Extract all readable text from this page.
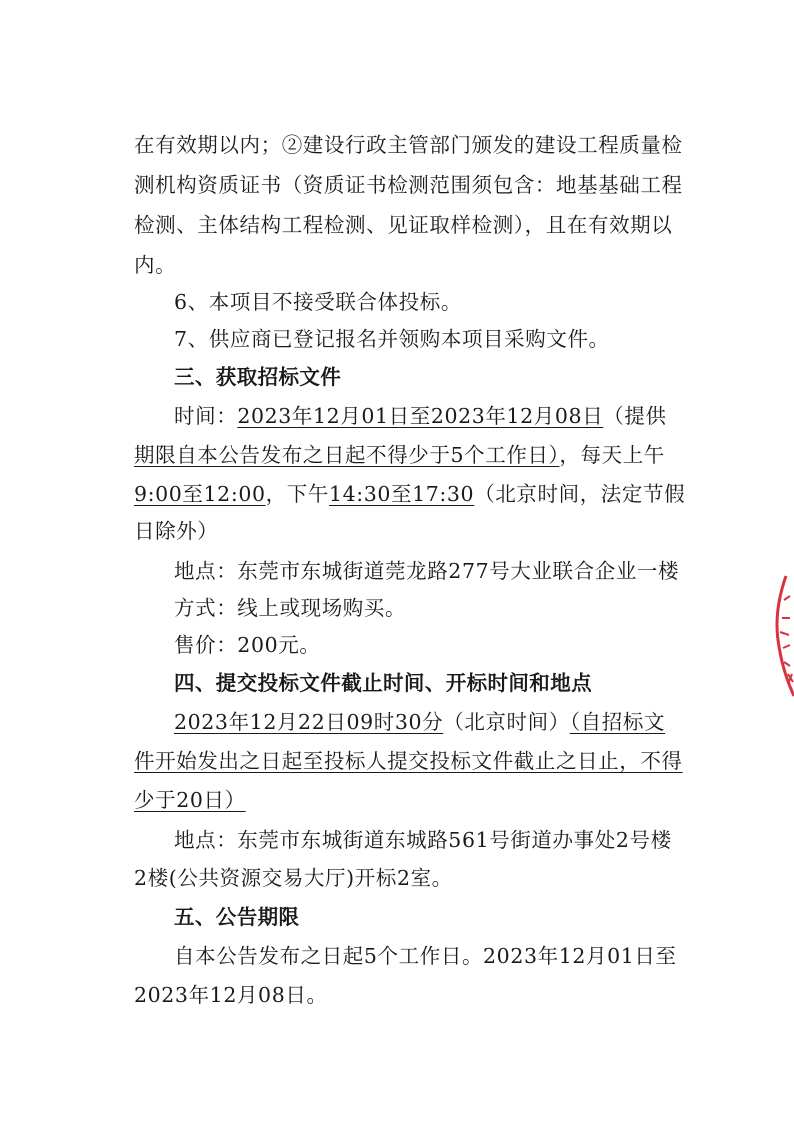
在有效期以内；②建设行政主管部门颁发的建设工程质量检
测机构资质证书（资质证书检测范围须包含：地基基础工程
检测、主体结构工程检测、见证取样检测），且在有效期以
内。
6、本项目不接受联合体投标。
7、供应商已登记报名并领购本项目采购文件。
三、获取招标文件
时间：2023年12月01日至2023年12月08日（提供
期限自本公告发布之日起不得少于5个工作日），每天上午
9:00至12:00，下午14:30至17:30（北京时间，法定节假
日除外）
地点：东莞市东城街道莞龙路277号大业联合企业一楼
方式：线上或现场购买。
售价：200元。
四、提交投标文件截止时间、开标时间和地点
2023年12月22日09时30分（北京时间）（自招标文
件开始发出之日起至投标人提交投标文件截止之日止，不得
少于20日）
地点：东莞市东城街道东城路561号街道办事处2号楼
2楼(公共资源交易大厅)开标2室。
五、公告期限
自本公告发布之日起5个工作日。2023年12月01日至
2023年12月08日。
